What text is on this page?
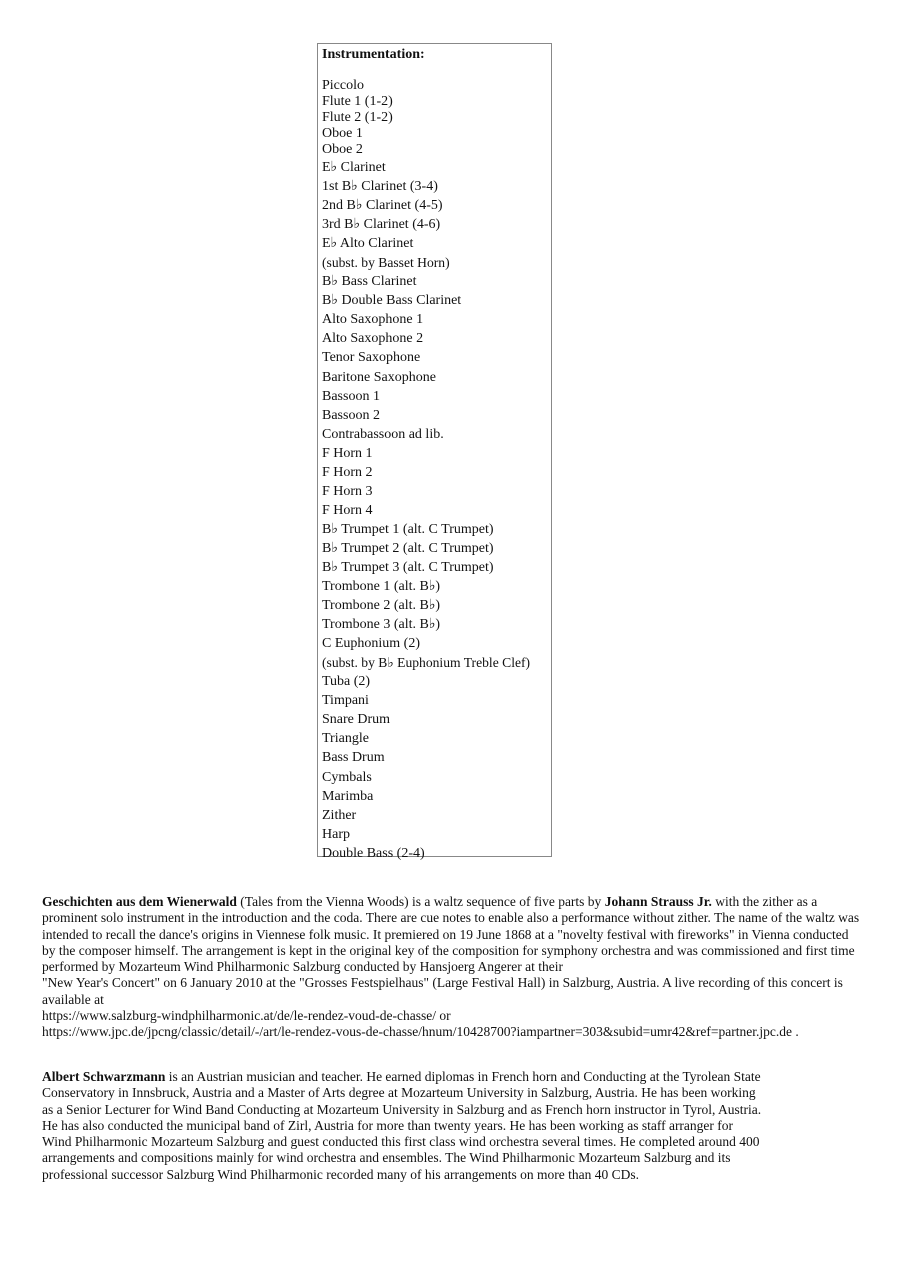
Instrumentation:
Piccolo
Flute 1 (1-2)
Flute 2 (1-2)
Oboe 1
Oboe 2
E♭ Clarinet
1st B♭ Clarinet (3-4)
2nd B♭ Clarinet (4-5)
3rd B♭ Clarinet (4-6)
E♭ Alto Clarinet
(subst. by Basset Horn)
B♭ Bass Clarinet
B♭ Double Bass Clarinet
Alto Saxophone 1
Alto Saxophone 2
Tenor Saxophone
Baritone Saxophone
Bassoon 1
Bassoon 2
Contrabassoon ad lib.
F Horn 1
F Horn 2
F Horn 3
F Horn 4
B♭ Trumpet 1 (alt. C Trumpet)
B♭ Trumpet 2 (alt. C Trumpet)
B♭ Trumpet 3 (alt. C Trumpet)
Trombone 1 (alt. B♭)
Trombone 2 (alt. B♭)
Trombone 3 (alt. B♭)
C Euphonium (2)
(subst. by B♭ Euphonium Treble Clef)
Tuba (2)
Timpani
Snare Drum
Triangle
Bass Drum
Cymbals
Marimba
Zither
Harp
Double Bass (2-4)

Geschichten aus dem Wienerwald (Tales from the Vienna Woods) is a waltz sequence of five parts by Johann Strauss Jr. with the zither as a prominent solo instrument in the introduction and the coda. There are cue notes to enable also a performance without zither. The name of the waltz was intended to recall the dance's origins in Viennese folk music. It premiered on 19 June 1868 at a "novelty festival with fireworks" in Vienna conducted by the composer himself. The arrangement is kept in the original key of the composition for symphony orchestra and was commissioned and first time performed by Mozarteum Wind Philharmonic Salzburg conducted by Hansjoerg Angerer at their
"New Year's Concert" on 6 January 2010 at the "Grosses Festspielhaus" (Large Festival Hall) in Salzburg, Austria. A live recording of this concert is available at
https://www.salzburg-windphilharmonic.at/de/le-rendez-voud-de-chasse/ or
https://www.jpc.de/jpcng/classic/detail/-/art/le-rendez-vous-de-chasse/hnum/10428700?iampartner=303&subid=umr42&ref=partner.jpc.de .

Albert Schwarzmann is an Austrian musician and teacher. He earned diplomas in French horn and Conducting at the Tyrolean State Conservatory in Innsbruck, Austria and a Master of Arts degree at Mozarteum University in Salzburg, Austria. He has been working as a Senior Lecturer for Wind Band Conducting at Mozarteum University in Salzburg and as French horn instructor in Tyrol, Austria. He has also conducted the municipal band of Zirl, Austria for more than twenty years. He has been working as staff arranger for Wind Philharmonic Mozarteum Salzburg and guest conducted this first class wind orchestra several times. He completed around 400 arrangements and compositions mainly for wind orchestra and ensembles. The Wind Philharmonic Mozarteum Salzburg and its professional successor Salzburg Wind Philharmonic recorded many of his arrangements on more than 40 CDs.
